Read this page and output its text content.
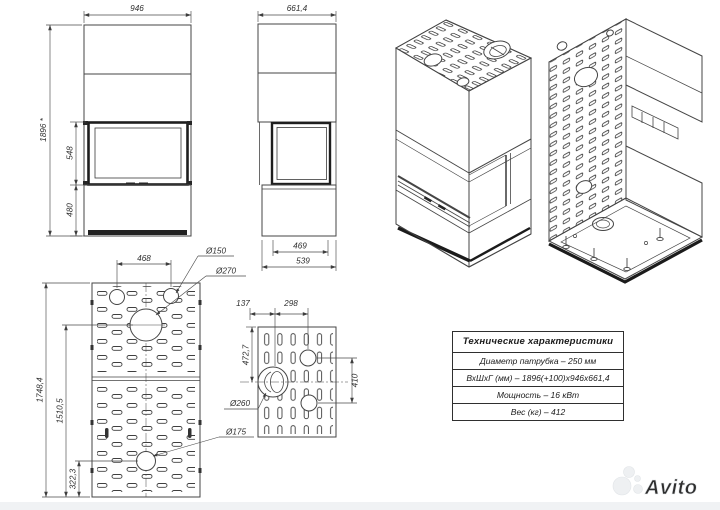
946
1896 *
548
480
661,4
469
539
468
Ø150
Ø270
1748,4
1510,5
322,3
Ø175
137	298
472,7
410
Ø260
Avito
Технические характеристики
Диаметр патрубка – 250 мм
ВхШхГ (мм) – 1896(+100)х946х661,4
Мощность – 16 кВт
Вес (кг) – 412
